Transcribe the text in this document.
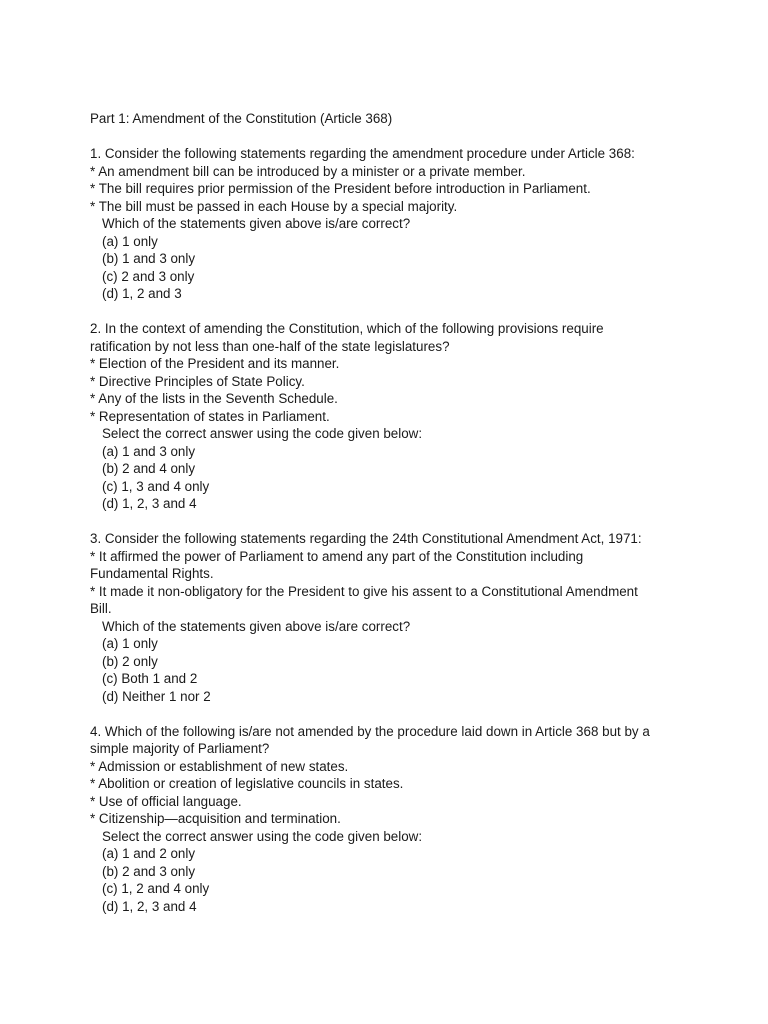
Part 1: Amendment of the Constitution (Article 368)
1. Consider the following statements regarding the amendment procedure under Article 368:
* An amendment bill can be introduced by a minister or a private member.
* The bill requires prior permission of the President before introduction in Parliament.
* The bill must be passed in each House by a special majority.
Which of the statements given above is/are correct?
(a) 1 only
(b) 1 and 3 only
(c) 2 and 3 only
(d) 1, 2 and 3
2. In the context of amending the Constitution, which of the following provisions require
ratification by not less than one-half of the state legislatures?
* Election of the President and its manner.
* Directive Principles of State Policy.
* Any of the lists in the Seventh Schedule.
* Representation of states in Parliament.
Select the correct answer using the code given below:
(a) 1 and 3 only
(b) 2 and 4 only
(c) 1, 3 and 4 only
(d) 1, 2, 3 and 4
3. Consider the following statements regarding the 24th Constitutional Amendment Act, 1971:
* It affirmed the power of Parliament to amend any part of the Constitution including
Fundamental Rights.
* It made it non-obligatory for the President to give his assent to a Constitutional Amendment
Bill.
Which of the statements given above is/are correct?
(a) 1 only
(b) 2 only
(c) Both 1 and 2
(d) Neither 1 nor 2
4. Which of the following is/are not amended by the procedure laid down in Article 368 but by a
simple majority of Parliament?
* Admission or establishment of new states.
* Abolition or creation of legislative councils in states.
* Use of official language.
* Citizenship—acquisition and termination.
Select the correct answer using the code given below:
(a) 1 and 2 only
(b) 2 and 3 only
(c) 1, 2 and 4 only
(d) 1, 2, 3 and 4
